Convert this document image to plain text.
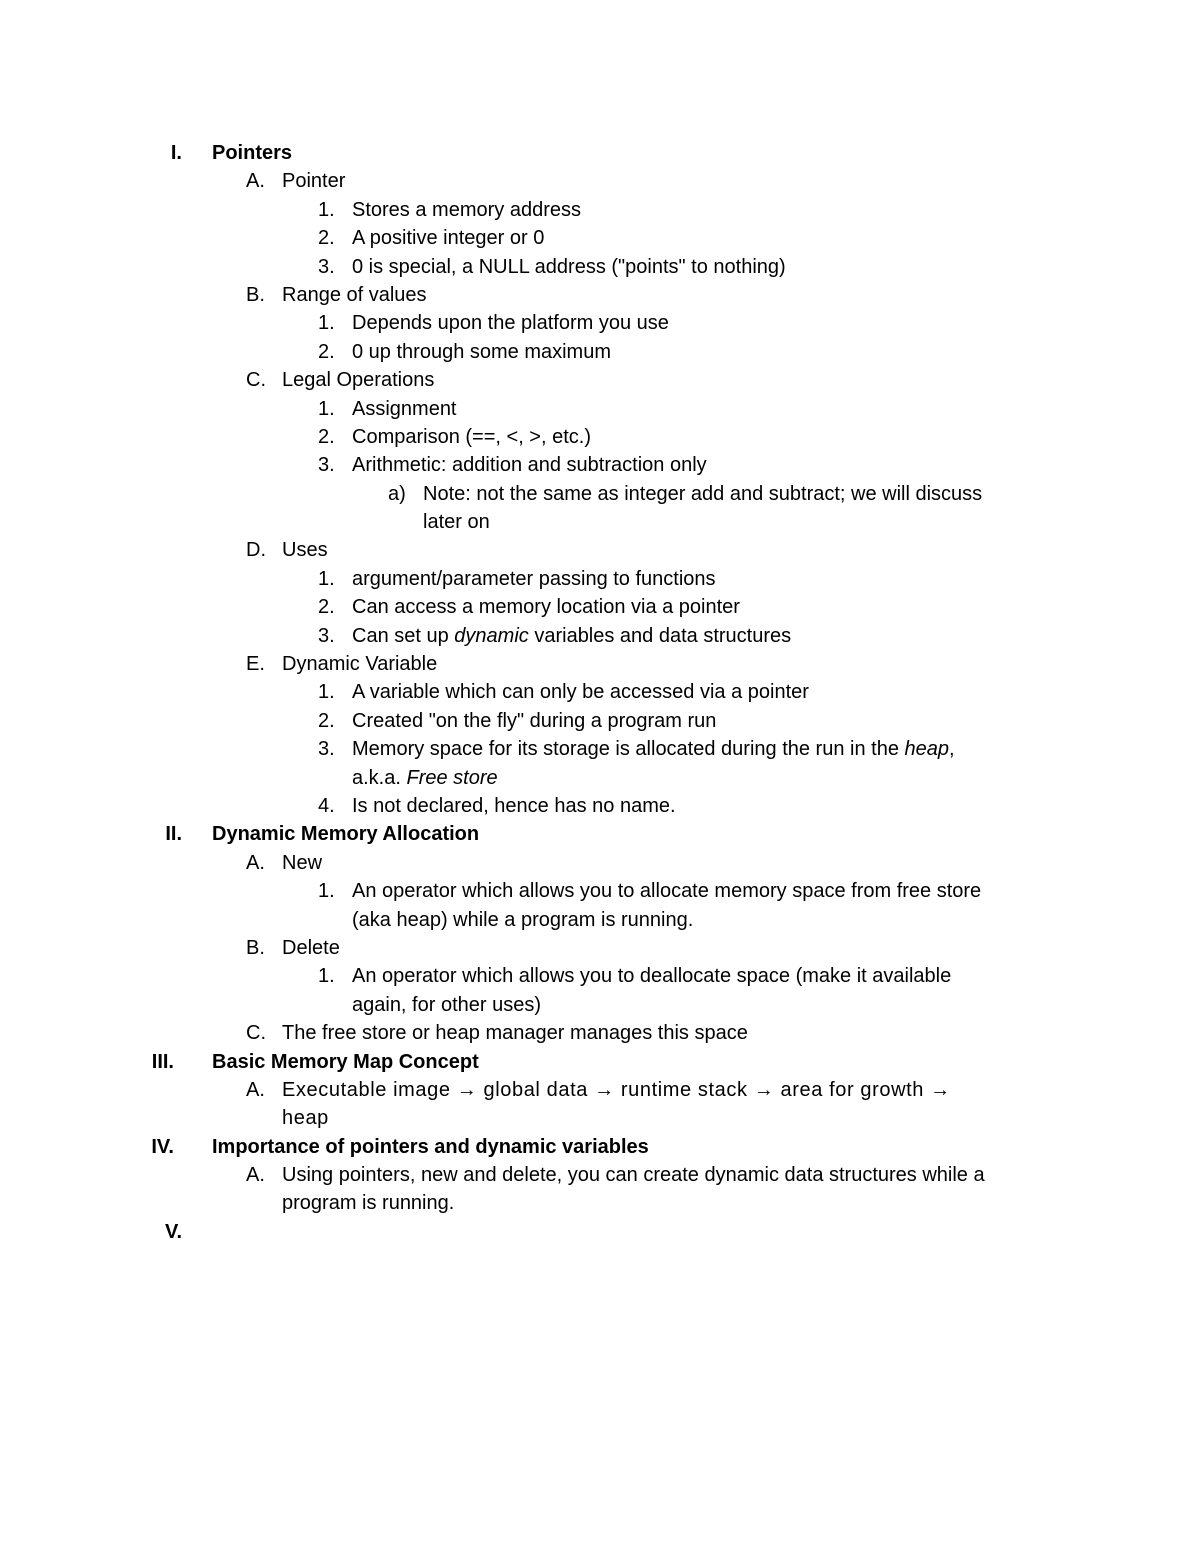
I. Pointers
A. Pointer
1. Stores a memory address
2. A positive integer or 0
3. 0 is special, a NULL address ("points" to nothing)
B. Range of values
1. Depends upon the platform you use
2. 0 up through some maximum
C. Legal Operations
1. Assignment
2. Comparison (==, <, >, etc.)
3. Arithmetic: addition and subtraction only
a) Note: not the same as integer add and subtract; we will discuss
later on
D. Uses
1. argument/parameter passing to functions
2. Can access a memory location via a pointer
3. Can set up dynamic variables and data structures
E. Dynamic Variable
1. A variable which can only be accessed via a pointer
2. Created "on the fly" during a program run
3. Memory space for its storage is allocated during the run in the heap,
a.k.a. Free store
4. Is not declared, hence has no name.
II. Dynamic Memory Allocation
A. New
1. An operator which allows you to allocate memory space from free store
(aka heap) while a program is running.
B. Delete
1. An operator which allows you to deallocate space (make it available
again, for other uses)
C. The free store or heap manager manages this space
III. Basic Memory Map Concept
A. Executable image → global data → runtime stack → area for growth →
heap
IV. Importance of pointers and dynamic variables
A. Using pointers, new and delete, you can create dynamic data structures while a
program is running.
V.
